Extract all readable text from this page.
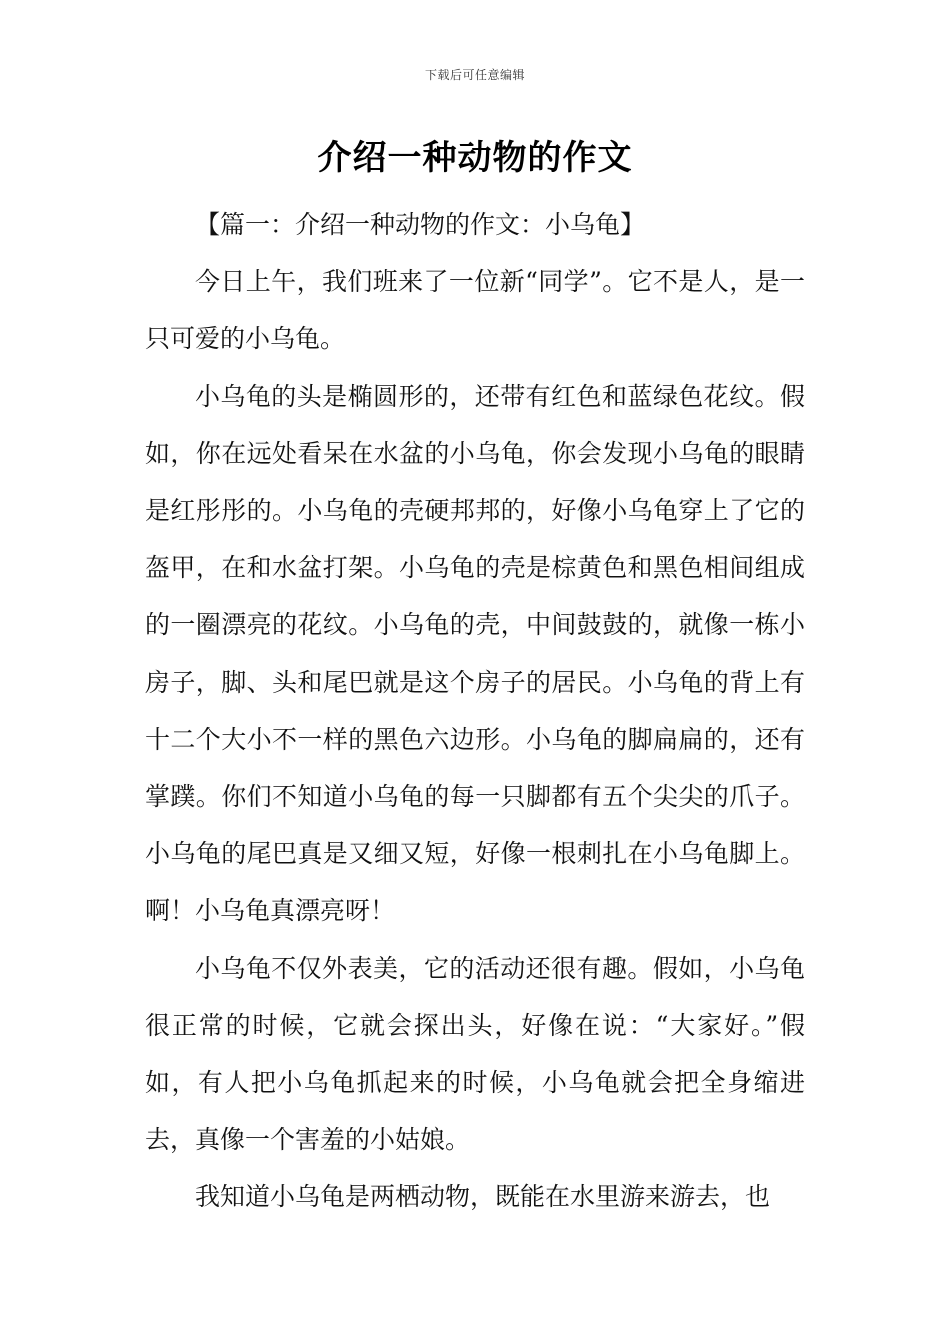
下载后可任意编辑
介绍一种动物的作文

【篇一：介绍一种动物的作文：小乌龟】

今日上午，我们班来了一位新“同学”。它不是人，是一只可爱的小乌龟。

小乌龟的头是椭圆形的，还带有红色和蓝绿色花纹。假如，你在远处看呆在水盆的小乌龟，你会发现小乌龟的眼睛是红彤彤的。小乌龟的壳硬邦邦的，好像小乌龟穿上了它的盔甲，在和水盆打架。小乌龟的壳是棕黄色和黑色相间组成的一圈漂亮的花纹。小乌龟的壳，中间鼓鼓的，就像一栋小房子，脚、头和尾巴就是这个房子的居民。小乌龟的背上有十二个大小不一样的黑色六边形。小乌龟的脚扁扁的，还有掌蹼。你们不知道小乌龟的每一只脚都有五个尖尖的爪子。小乌龟的尾巴真是又细又短，好像一根刺扎在小乌龟脚上。啊！小乌龟真漂亮呀！

小乌龟不仅外表美，它的活动还很有趣。假如，小乌龟很正常的时候，它就会探出头，好像在说：“大家好。”假如，有人把小乌龟抓起来的时候，小乌龟就会把全身缩进去，真像一个害羞的小姑娘。

我知道小乌龟是两栖动物，既能在水里游来游去，也
